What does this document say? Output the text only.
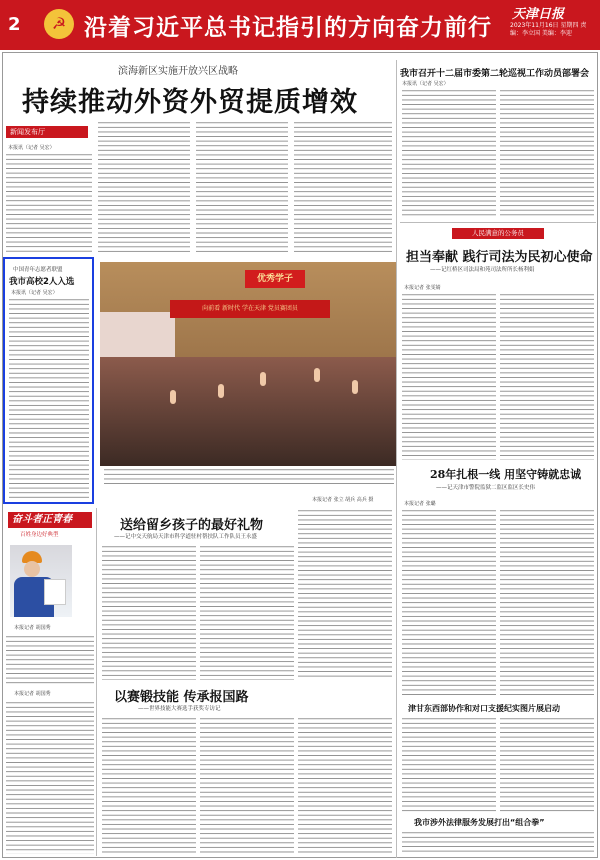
2	☭ 沿着习近平总书记指引的方向奋力前行 天津日报
2023年11月16日 星期四 责编：李立国 美编：李迎
滨海新区实施开放兴区战略
持续推动外资外贸提质增效
新闻发布厅
本报讯（记者 吴宏）
我市召开十二届市委第二轮巡视工作动员部署会
本报讯（记者 吴宏）
人民满意的公务员
担当奉献 践行司法为民初心使命
——记红桥区司法局和苑司法所所长杨利娟
本报记者 张雯婧
28年扎根一线 用坚守铸就忠诚
——记天津市警院监狱二监区监区长史伟
本报记者 张璐
津甘东西部协作和对口支援纪实图片展启动
我市涉外法律服务发展打出“组合拳”
中国青年志愿者联盟
我市高校2人入选
本报讯（记者 吴宏）
优秀学子
向前看 新时代 学在天津 党员赛团员
本报记者 张立 胡兵 高兵 摄
奋斗者正青春
百姓身边好典型
本报记者 胡国秀
本报记者 胡国秀
送给留乡孩子的最好礼物
——记中交天航局天津市科学道驻村帮扶队工作队员王永盛
以赛锻技能 传承报国路
——世界技能大赛选手获奖专访记
